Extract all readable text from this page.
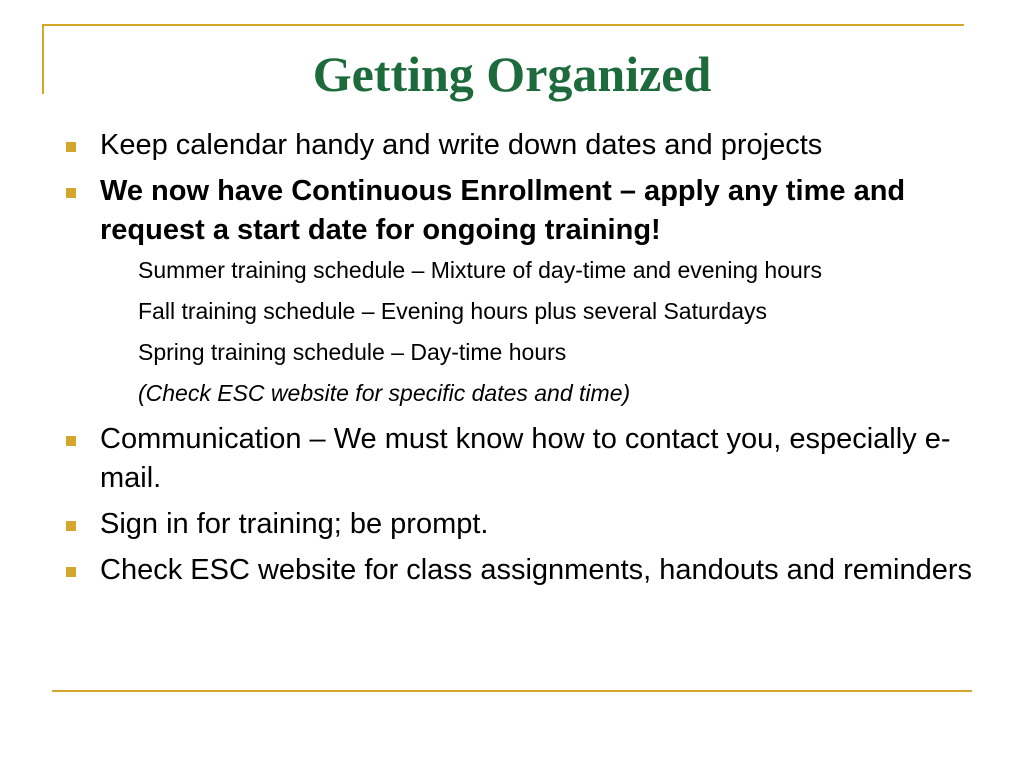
Getting Organized
Keep calendar handy and write down dates and projects
We now have Continuous Enrollment – apply any time and request a start date for ongoing training!
Summer training schedule – Mixture of day-time and evening hours
Fall training schedule – Evening hours plus several Saturdays
Spring training schedule – Day-time hours
(Check ESC website for specific dates and time)
Communication – We must know how to contact you, especially e-mail.
Sign in for training; be prompt.
Check ESC website for class assignments, handouts and reminders
